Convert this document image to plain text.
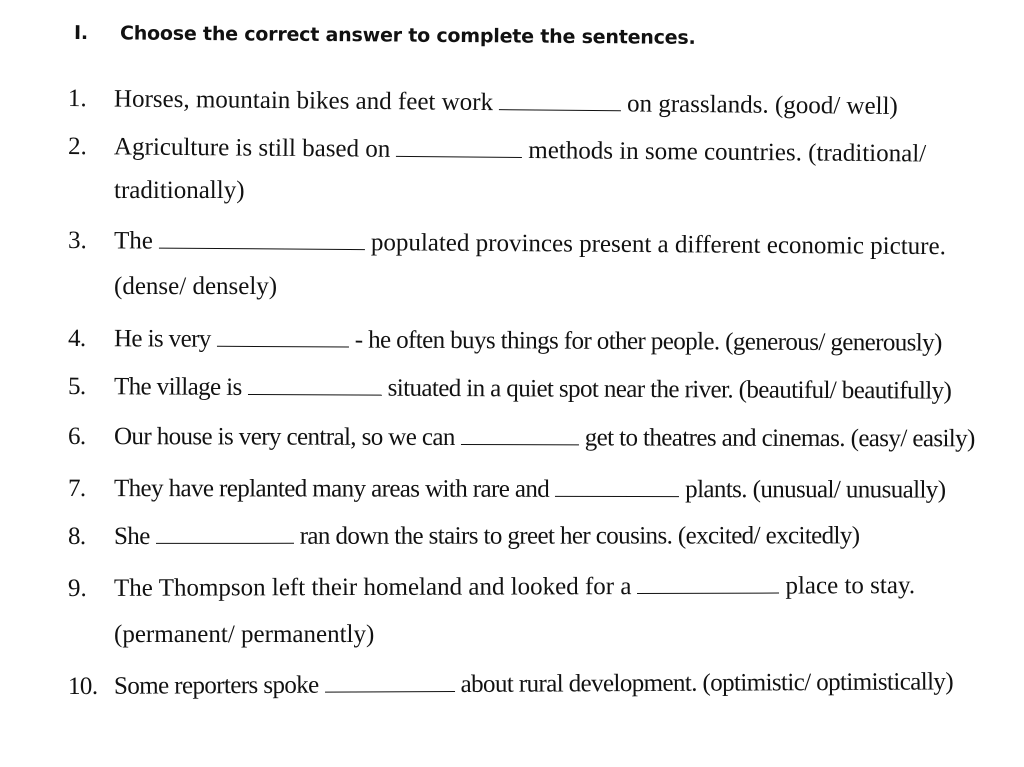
I. Choose the correct answer to complete the sentences.
1. Horses, mountain bikes and feet work	on grasslands. (good/ well)
2. Agriculture is still based on	methods in some countries. (traditional/
traditionally)
3. The	populated provinces present a different economic picture.
(dense/ densely)
4. He is very	- he often buys things for other people. (generous/ generously)
5. The village is	situated in a quiet spot near the river. (beautiful/ beautifully)
6. Our house is very central, so we can	get to theatres and cinemas. (easy/ easily)
7. They have replanted many areas with rare and	plants. (unusual/ unusually)
8. She	ran down the stairs to greet her cousins. (excited/ excitedly)
9. The Thompson left their homeland and looked for a	place to stay.
(permanent/ permanently)
10. Some reporters spoke	about rural development. (optimistic/ optimistically)
